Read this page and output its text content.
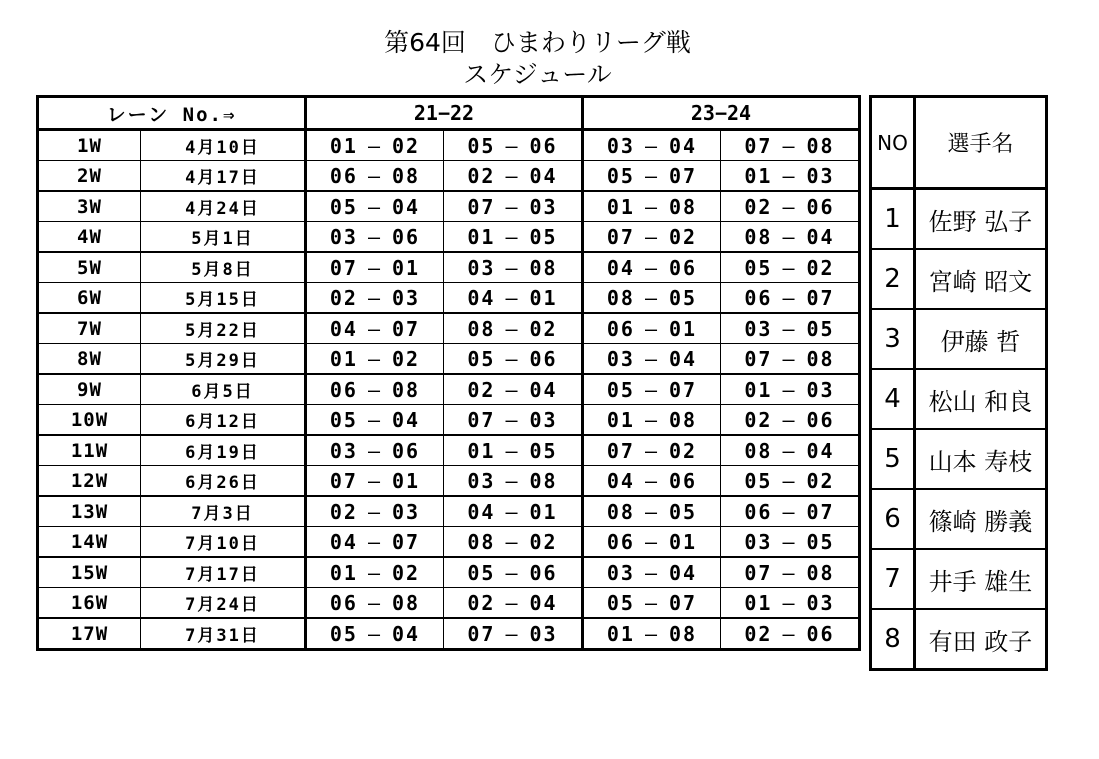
第64回　ひまわりリーグ戦
スケジュール
レーン No.⇒		21−22		23−24	
1W	4月10日	01 – 02	05 – 06	03 – 04	07 – 08

2W	4月17日	06 – 08	02 – 04	05 – 07	01 – 03

3W	4月24日	05 – 04	07 – 03	01 – 08	02 – 06

4W	5月1日	03 – 06	01 – 05	07 – 02	08 – 04

5W	5月8日	07 – 01	03 – 08	04 – 06	05 – 02

6W	5月15日	02 – 03	04 – 01	08 – 05	06 – 07

7W	5月22日	04 – 07	08 – 02	06 – 01	03 – 05

8W	5月29日	01 – 02	05 – 06	03 – 04	07 – 08

9W	6月5日	06 – 08	02 – 04	05 – 07	01 – 03

10W	6月12日	05 – 04	07 – 03	01 – 08	02 – 06

11W	6月19日	03 – 06	01 – 05	07 – 02	08 – 04

12W	6月26日	07 – 01	03 – 08	04 – 06	05 – 02

13W	7月3日	02 – 03	04 – 01	08 – 05	06 – 07

14W	7月10日	04 – 07	08 – 02	06 – 01	03 – 05

15W	7月17日	01 – 02	05 – 06	03 – 04	07 – 08

16W	7月24日	06 – 08	02 – 04	05 – 07	01 – 03

17W	7月31日	05 – 04	07 – 03	01 – 08	02 – 06
NO	選手名
1	佐野 弘子
2	宮崎 昭文
3	伊藤 哲
4	松山 和良
5	山本 寿枝
6	篠崎 勝義
7	井手 雄生
8	有田 政子
